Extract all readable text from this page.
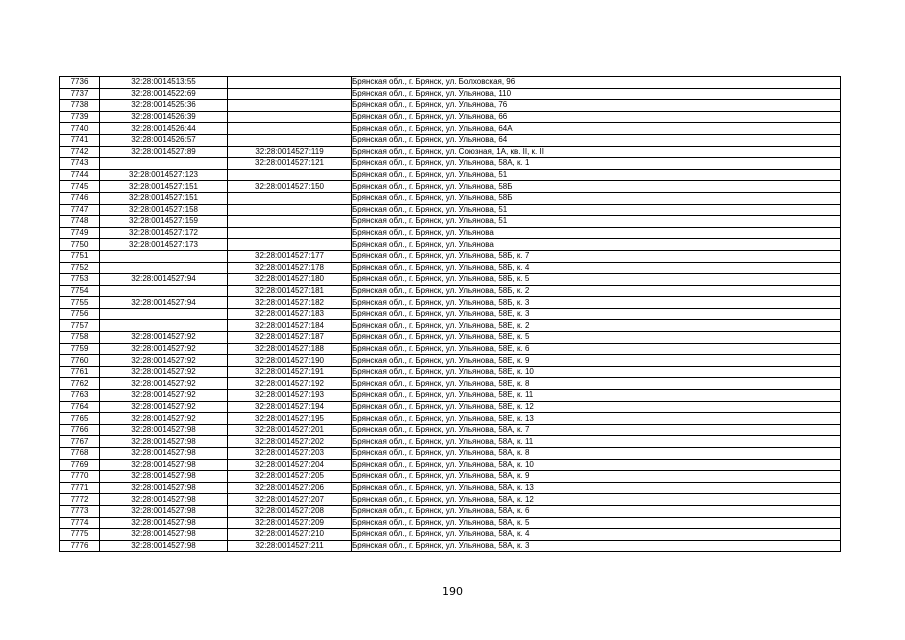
7736	32:28:0014513:55		Брянская обл., г. Брянск, ул. Болховская, 96
7737	32:28:0014522:69		Брянская обл., г. Брянск, ул. Ульянова, 110
7738	32:28:0014525:36		Брянская обл., г. Брянск, ул. Ульянова, 76
7739	32:28:0014526:39		Брянская обл., г. Брянск, ул. Ульянова, 66
7740	32:28:0014526:44		Брянская обл., г. Брянск, ул. Ульянова, 64А
7741	32:28:0014526:57		Брянская обл., г. Брянск, ул. Ульянова, 64
7742	32:28:0014527:89	32:28:0014527:119	Брянская обл., г. Брянск, ул. Союзная, 1А, кв. II, к. II
7743		32:28:0014527:121	Брянская обл., г. Брянск, ул. Ульянова, 58А, к. 1
7744	32:28:0014527:123		Брянская обл., г. Брянск, ул. Ульянова, 51
7745	32:28:0014527:151	32:28:0014527:150	Брянская обл., г. Брянск, ул. Ульянова, 58Б
7746	32:28:0014527:151		Брянская обл., г. Брянск, ул. Ульянова, 58Б
7747	32:28:0014527:158		Брянская обл., г. Брянск, ул. Ульянова, 51
7748	32:28:0014527:159		Брянская обл., г. Брянск, ул. Ульянова, 51
7749	32:28:0014527:172		Брянская обл., г. Брянск, ул. Ульянова
7750	32:28:0014527:173		Брянская обл., г. Брянск, ул. Ульянова
7751		32:28:0014527:177	Брянская обл., г. Брянск, ул. Ульянова, 58Б, к. 7
7752		32:28:0014527:178	Брянская обл., г. Брянск, ул. Ульянова, 58Б, к. 4
7753	32:28:0014527:94	32:28:0014527:180	Брянская обл., г. Брянск, ул. Ульянова, 58Б, к. 5
7754		32:28:0014527:181	Брянская обл., г. Брянск, ул. Ульянова, 58Б, к. 2
7755	32:28:0014527:94	32:28:0014527:182	Брянская обл., г. Брянск, ул. Ульянова, 58Б, к. 3
7756		32:28:0014527:183	Брянская обл., г. Брянск, ул. Ульянова, 58Е, к. 3
7757		32:28:0014527:184	Брянская обл., г. Брянск, ул. Ульянова, 58Е, к. 2
7758	32:28:0014527:92	32:28:0014527:187	Брянская обл., г. Брянск, ул. Ульянова, 58Е, к. 5
7759	32:28:0014527:92	32:28:0014527:188	Брянская обл., г. Брянск, ул. Ульянова, 58Е, к. 6
7760	32:28:0014527:92	32:28:0014527:190	Брянская обл., г. Брянск, ул. Ульянова, 58Е, к. 9
7761	32:28:0014527:92	32:28:0014527:191	Брянская обл., г. Брянск, ул. Ульянова, 58Е, к. 10
7762	32:28:0014527:92	32:28:0014527:192	Брянская обл., г. Брянск, ул. Ульянова, 58Е, к. 8
7763	32:28:0014527:92	32:28:0014527:193	Брянская обл., г. Брянск, ул. Ульянова, 58Е, к. 11
7764	32:28:0014527:92	32:28:0014527:194	Брянская обл., г. Брянск, ул. Ульянова, 58Е, к. 12
7765	32:28:0014527:92	32:28:0014527:195	Брянская обл., г. Брянск, ул. Ульянова, 58Е, к. 13
7766	32:28:0014527:98	32:28:0014527:201	Брянская обл., г. Брянск, ул. Ульянова, 58А, к. 7
7767	32:28:0014527:98	32:28:0014527:202	Брянская обл., г. Брянск, ул. Ульянова, 58А, к. 11
7768	32:28:0014527:98	32:28:0014527:203	Брянская обл., г. Брянск, ул. Ульянова, 58А, к. 8
7769	32:28:0014527:98	32:28:0014527:204	Брянская обл., г. Брянск, ул. Ульянова, 58А, к. 10
7770	32:28:0014527:98	32:28:0014527:205	Брянская обл., г. Брянск, ул. Ульянова, 58А, к. 9
7771	32:28:0014527:98	32:28:0014527:206	Брянская обл., г. Брянск, ул. Ульянова, 58А, к. 13
7772	32:28:0014527:98	32:28:0014527:207	Брянская обл., г. Брянск, ул. Ульянова, 58А, к. 12
7773	32:28:0014527:98	32:28:0014527:208	Брянская обл., г. Брянск, ул. Ульянова, 58А, к. 6
7774	32:28:0014527:98	32:28:0014527:209	Брянская обл., г. Брянск, ул. Ульянова, 58А, к. 5
7775	32:28:0014527:98	32:28:0014527:210	Брянская обл., г. Брянск, ул. Ульянова, 58А, к. 4
7776	32:28:0014527:98	32:28:0014527:211	Брянская обл., г. Брянск, ул. Ульянова, 58А, к. 3
190
